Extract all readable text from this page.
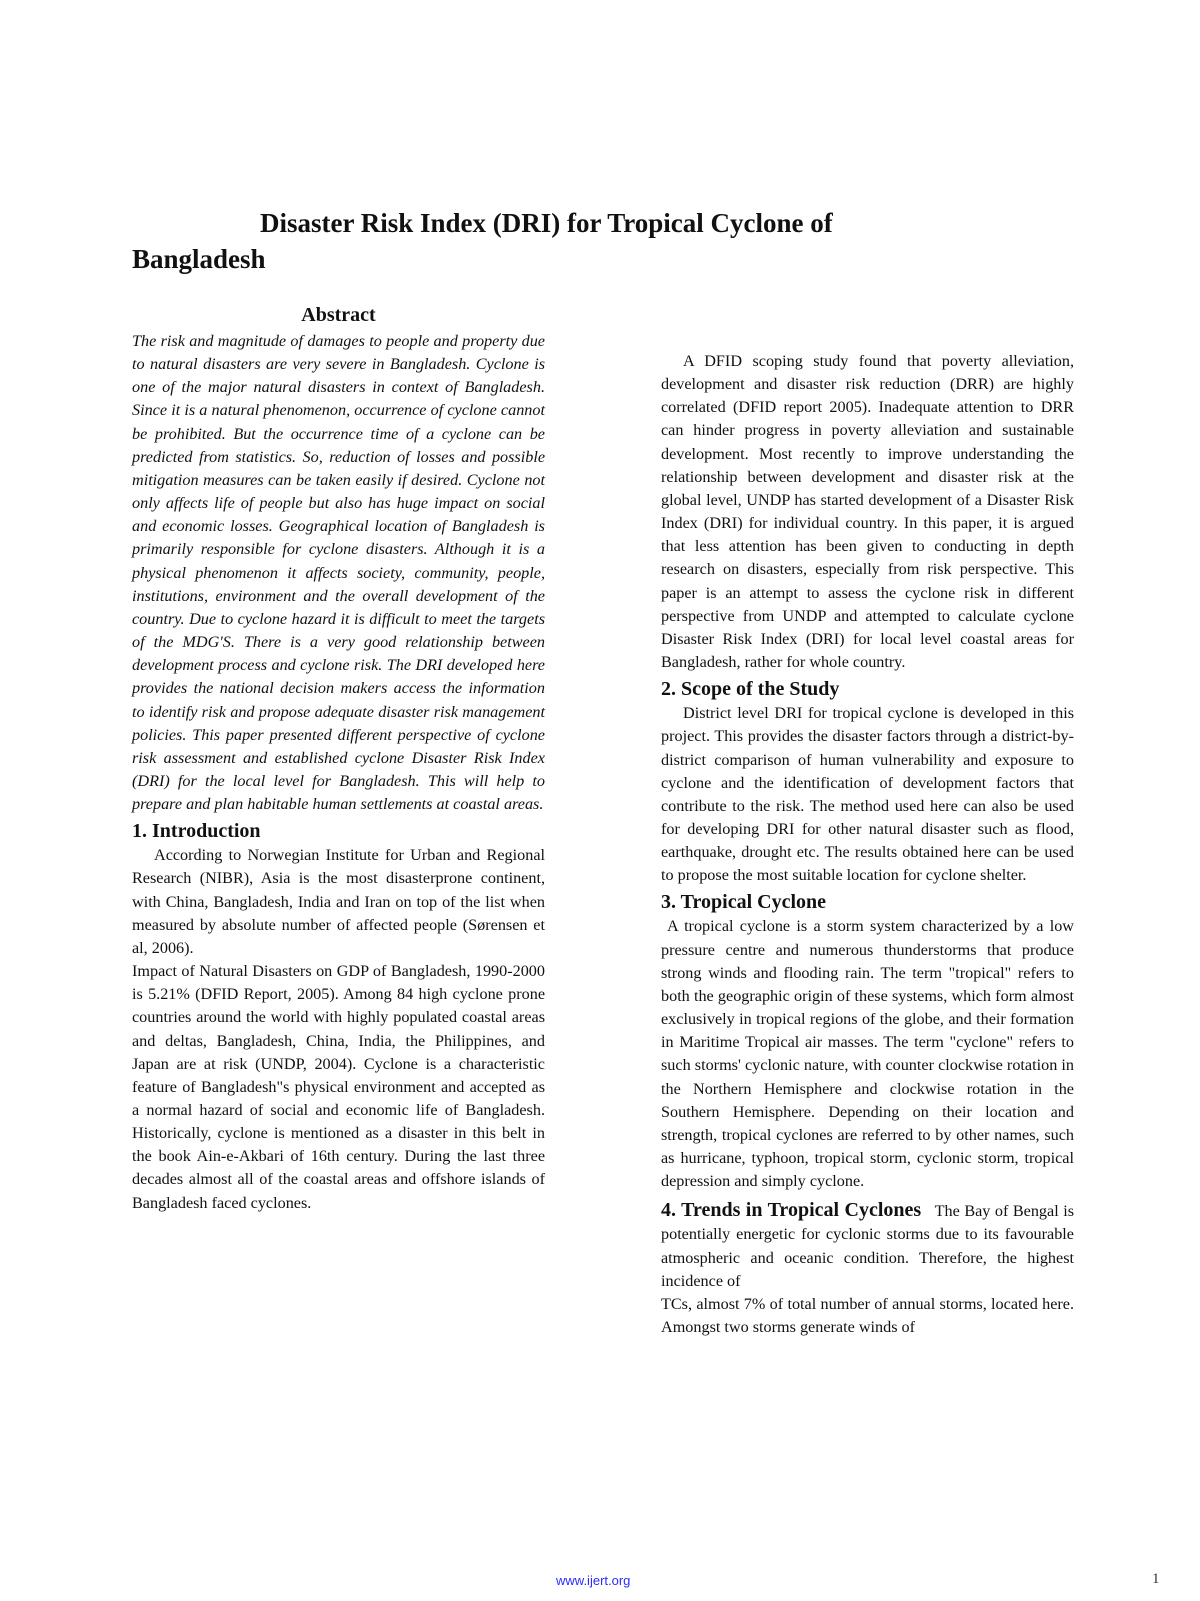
Disaster Risk Index (DRI) for Tropical Cyclone of Bangladesh
Abstract

The risk and magnitude of damages to people and property due to natural disasters are very severe in Bangladesh. Cyclone is one of the major natural disasters in context of Bangladesh. Since it is a natural phenomenon, occurrence of cyclone cannot be prohibited. But the occurrence time of a cyclone can be predicted from statistics. So, reduction of losses and possible mitigation measures can be taken easily if desired. Cyclone not only affects life of people but also has huge impact on social and economic losses. Geographical location of Bangladesh is primarily responsible for cyclone disasters. Although it is a physical phenomenon it affects society, community, people, institutions, environment and the overall development of the country. Due to cyclone hazard it is difficult to meet the targets of the MDG'S. There is a very good relationship between development process and cyclone risk. The DRI developed here provides the national decision makers access the information to identify risk and propose adequate disaster risk management policies. This paper presented different perspective of cyclone risk assessment and established cyclone Disaster Risk Index (DRI) for the local level for Bangladesh. This will help to prepare and plan habitable human settlements at coastal areas.

1. Introduction

According to Norwegian Institute for Urban and Regional Research (NIBR), Asia is the most disasterprone continent, with China, Bangladesh, India and Iran on top of the list when measured by absolute number of affected people (Sørensen et al, 2006).

Impact of Natural Disasters on GDP of Bangladesh, 1990-2000 is 5.21% (DFID Report, 2005). Among 84 high cyclone prone countries around the world with highly populated coastal areas and deltas, Bangladesh, China, India, the Philippines, and Japan are at risk (UNDP, 2004). Cyclone is a characteristic feature of Bangladesh"s physical environment and accepted as a normal hazard of social and economic life of Bangladesh. Historically, cyclone is mentioned as a disaster in this belt in the book Ain-e-Akbari of 16th century. During the last three decades almost all of the coastal areas and offshore islands of Bangladesh faced cyclones.

A DFID scoping study found that poverty alleviation, development and disaster risk reduction (DRR) are highly correlated (DFID report 2005). Inadequate attention to DRR can hinder progress in poverty alleviation and sustainable development. Most recently to improve understanding the relationship between development and disaster risk at the global level, UNDP has started development of a Disaster Risk Index (DRI) for individual country. In this paper, it is argued that less attention has been given to conducting in depth research on disasters, especially from risk perspective. This paper is an attempt to assess the cyclone risk in different perspective from UNDP and attempted to calculate cyclone Disaster Risk Index (DRI) for local level coastal areas for Bangladesh, rather for whole country.

2. Scope of the Study

District level DRI for tropical cyclone is developed in this project. This provides the disaster factors through a district-by-district comparison of human vulnerability and exposure to cyclone and the identification of development factors that contribute to the risk. The method used here can also be used for developing DRI for other natural disaster such as flood, earthquake, drought etc. The results obtained here can be used to propose the most suitable location for cyclone shelter.

3. Tropical Cyclone

A tropical cyclone is a storm system characterized by a low pressure centre and numerous thunderstorms that produce strong winds and flooding rain. The term "tropical" refers to both the geographic origin of these systems, which form almost exclusively in tropical regions of the globe, and their formation in Maritime Tropical air masses. The term "cyclone" refers to such storms' cyclonic nature, with counter clockwise rotation in the Northern Hemisphere and clockwise rotation in the Southern Hemisphere. Depending on their location and strength, tropical cyclones are referred to by other names, such as hurricane, typhoon, tropical storm, cyclonic storm, tropical depression and simply cyclone.

4. Trends in Tropical Cyclones The Bay of Bengal is potentially energetic for cyclonic storms due to its favourable atmospheric and oceanic condition. Therefore, the highest incidence of

TCs, almost 7% of total number of annual storms, located here. Amongst two storms generate winds of

www.ijert.org	1
